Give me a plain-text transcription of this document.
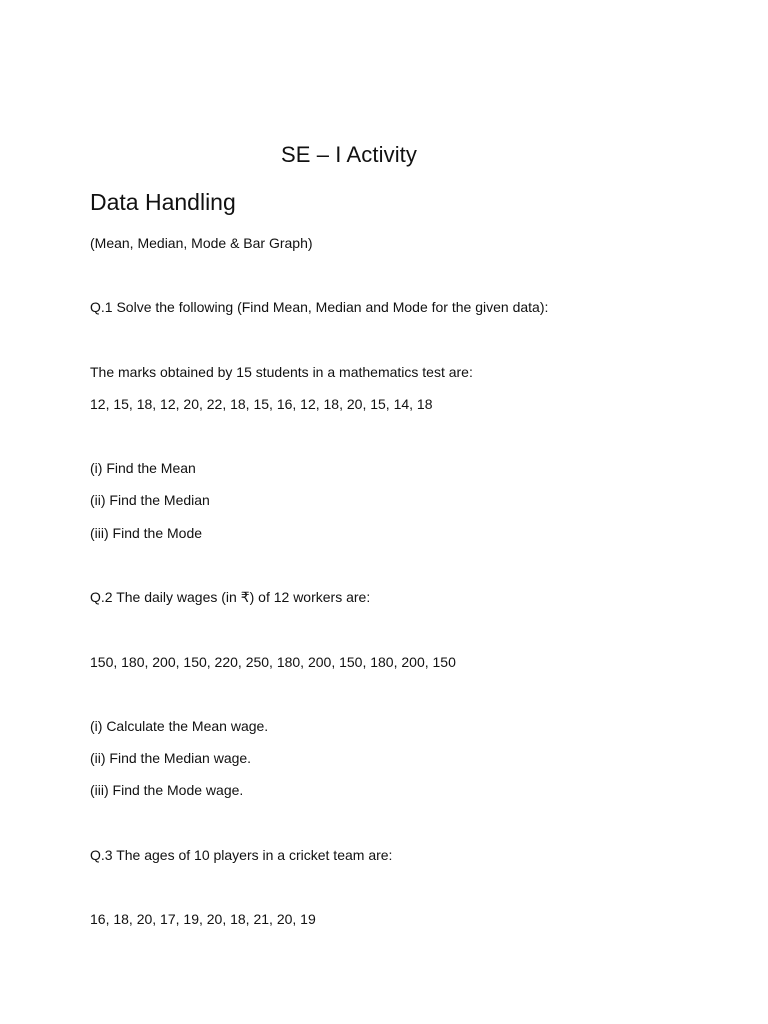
SE – I Activity
Data Handling

(Mean, Median, Mode & Bar Graph)

Q.1 Solve the following (Find Mean, Median and Mode for the given data):

The marks obtained by 15 students in a mathematics test are:

12, 15, 18, 12, 20, 22, 18, 15, 16, 12, 18, 20, 15, 14, 18

(i) Find the Mean

(ii) Find the Median

(iii) Find the Mode

Q.2 The daily wages (in ₹) of 12 workers are:

150, 180, 200, 150, 220, 250, 180, 200, 150, 180, 200, 150

(i) Calculate the Mean wage.

(ii) Find the Median wage.

(iii) Find the Mode wage.

Q.3 The ages of 10 players in a cricket team are:

16, 18, 20, 17, 19, 20, 18, 21, 20, 19
